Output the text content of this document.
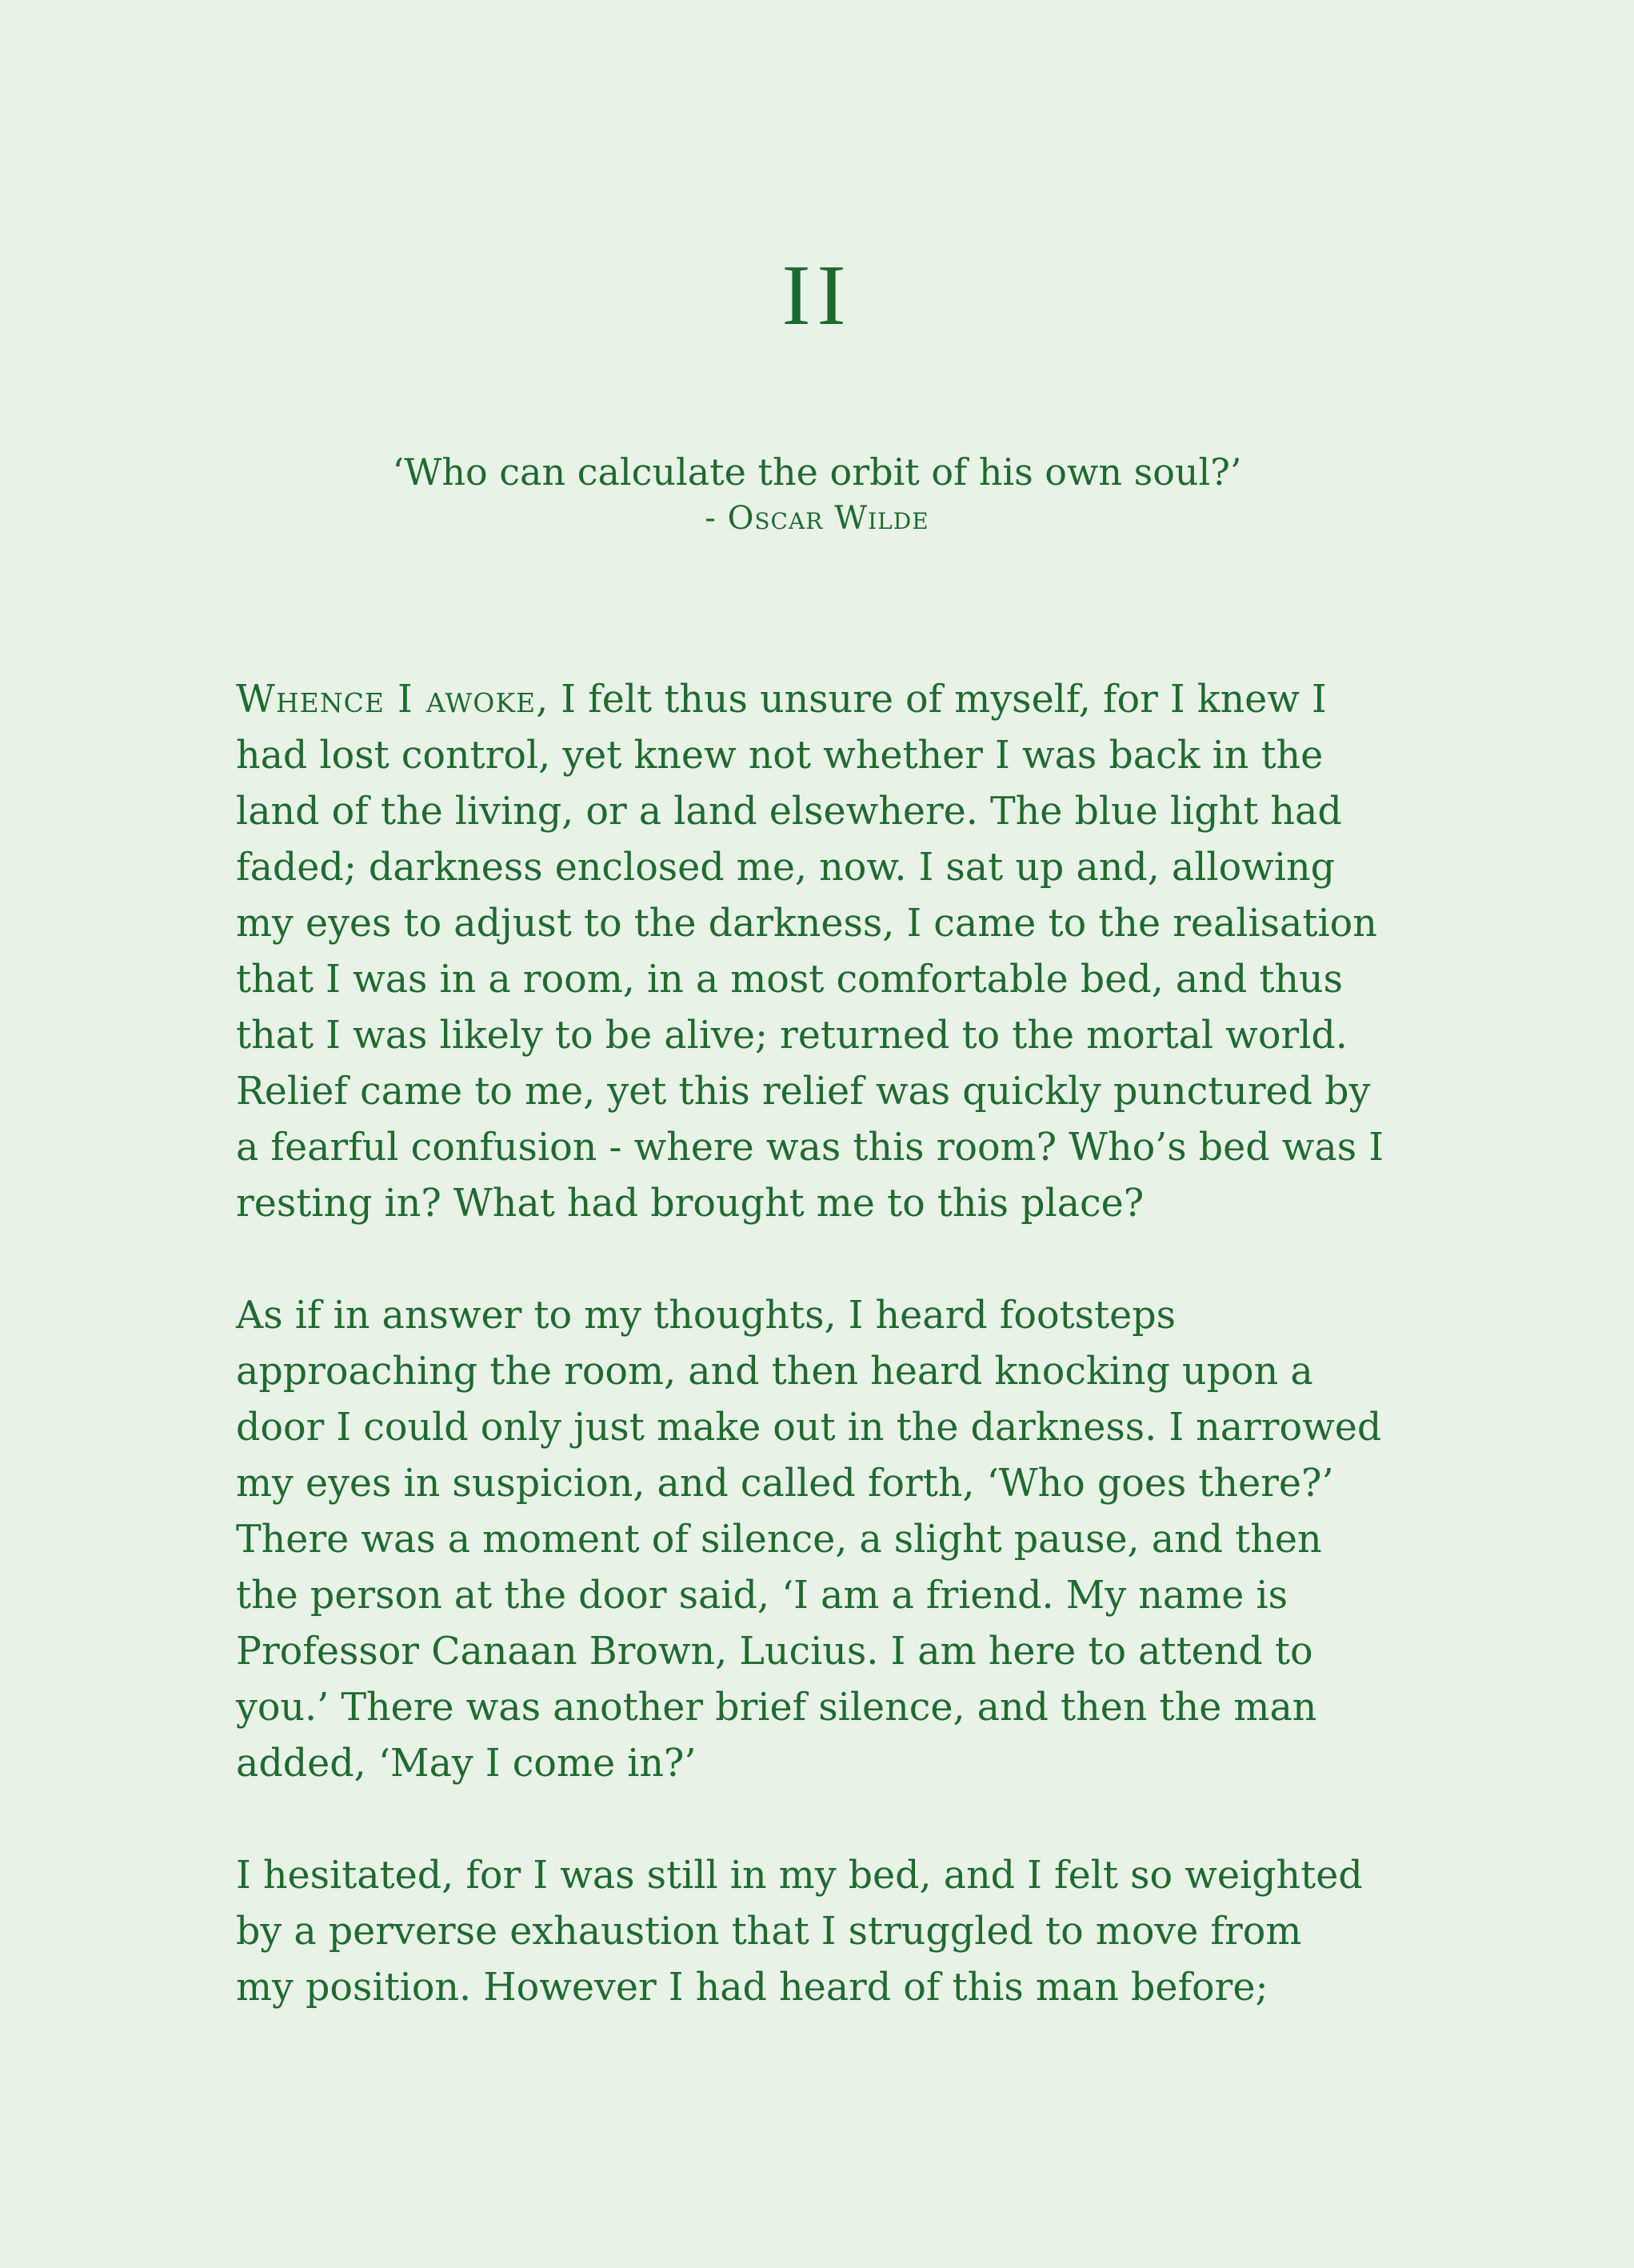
II
‘Who can calculate the orbit of his own soul?’
- Oscar Wilde

Whence I awoke, I felt thus unsure of myself, for I knew I
had lost control, yet knew not whether I was back in the
land of the living, or a land elsewhere. The blue light had
faded; darkness enclosed me, now. I sat up and, allowing
my eyes to adjust to the darkness, I came to the realisation
that I was in a room, in a most comfortable bed, and thus
that I was likely to be alive; returned to the mortal world.
Relief came to me, yet this relief was quickly punctured by
a fearful confusion - where was this room? Who’s bed was I
resting in? What had brought me to this place?

As if in answer to my thoughts, I heard footsteps
approaching the room, and then heard knocking upon a
door I could only just make out in the darkness. I narrowed
my eyes in suspicion, and called forth, ‘Who goes there?’
There was a moment of silence, a slight pause, and then
the person at the door said, ‘I am a friend. My name is
Professor Canaan Brown, Lucius. I am here to attend to
you.’ There was another brief silence, and then the man
added, ‘May I come in?’

I hesitated, for I was still in my bed, and I felt so weighted
by a perverse exhaustion that I struggled to move from
my position. However I had heard of this man before;
